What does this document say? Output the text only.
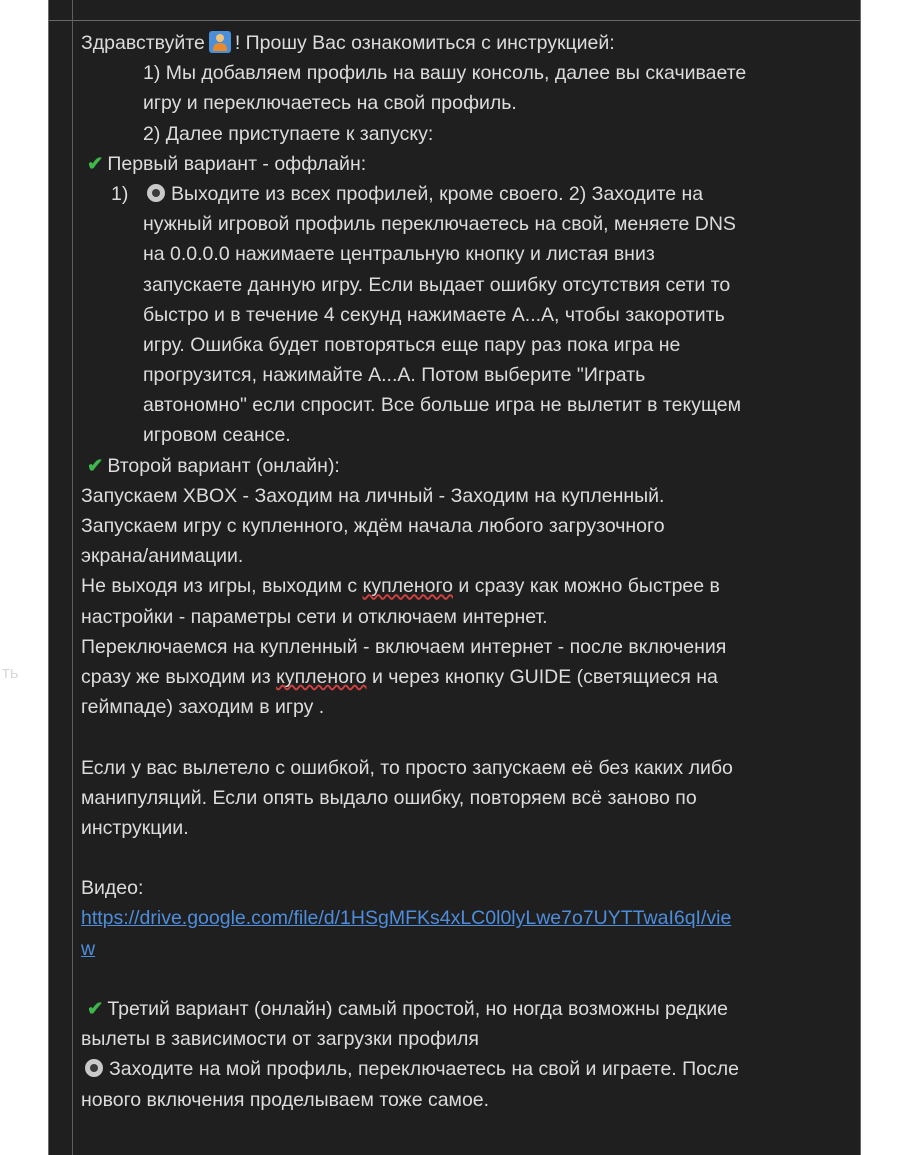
Здравствуйте ! Прошу Вас ознакомиться с инструкцией:
1) Мы добавляем профиль на вашу консоль, далее вы скачиваете
игру и переключаетесь на свой профиль.
2) Далее приступаете к запуску:
✔ Первый вариант - оффлайн:
1) Выходите из всех профилей, кроме своего. 2) Заходите на
нужный игровой профиль переключаетесь на свой, меняете DNS
на 0.0.0.0 нажимаете центральную кнопку и листая вниз
запускаете данную игру. Если выдает ошибку отсутствия сети то
быстро и в течение 4 секунд нажимаете А...А, чтобы закоротить
игру. Ошибка будет повторяться еще пару раз пока игра не
прогрузится, нажимайте А...А. Потом выберите "Играть
автономно" если спросит. Все больше игра не вылетит в текущем
игровом сеансе.
✔ Второй вариант (онлайн):
Запускаем XBOX - Заходим на личный - Заходим на купленный.
Запускаем игру с купленного, ждём начала любого загрузочного
экрана/анимации.
Не выходя из игры, выходим с купленого и сразу как можно быстрее в
настройки - параметры сети и отключаем интернет.
Переключаемся на купленный - включаем интернет - после включения
сразу же выходим из купленого и через кнопку GUIDE (светящиеся на
геймпаде) заходим в игру .
Если у вас вылетело с ошибкой, то просто запускаем её без каких либо
манипуляций. Если опять выдало ошибку, повторяем всё заново по
инструкции.
Видео:
https://drive.google.com/file/d/1HSgMFKs4xLC0l0lyLwe7o7UYTTwaI6qI/vie
w
✔ Третий вариант (онлайн) самый простой, но ногда возможны редкие
вылеты в зависимости от загрузки профиля
Заходите на мой профиль, переключаетесь на свой и играете. После
нового включения проделываем тоже самое.
ть
